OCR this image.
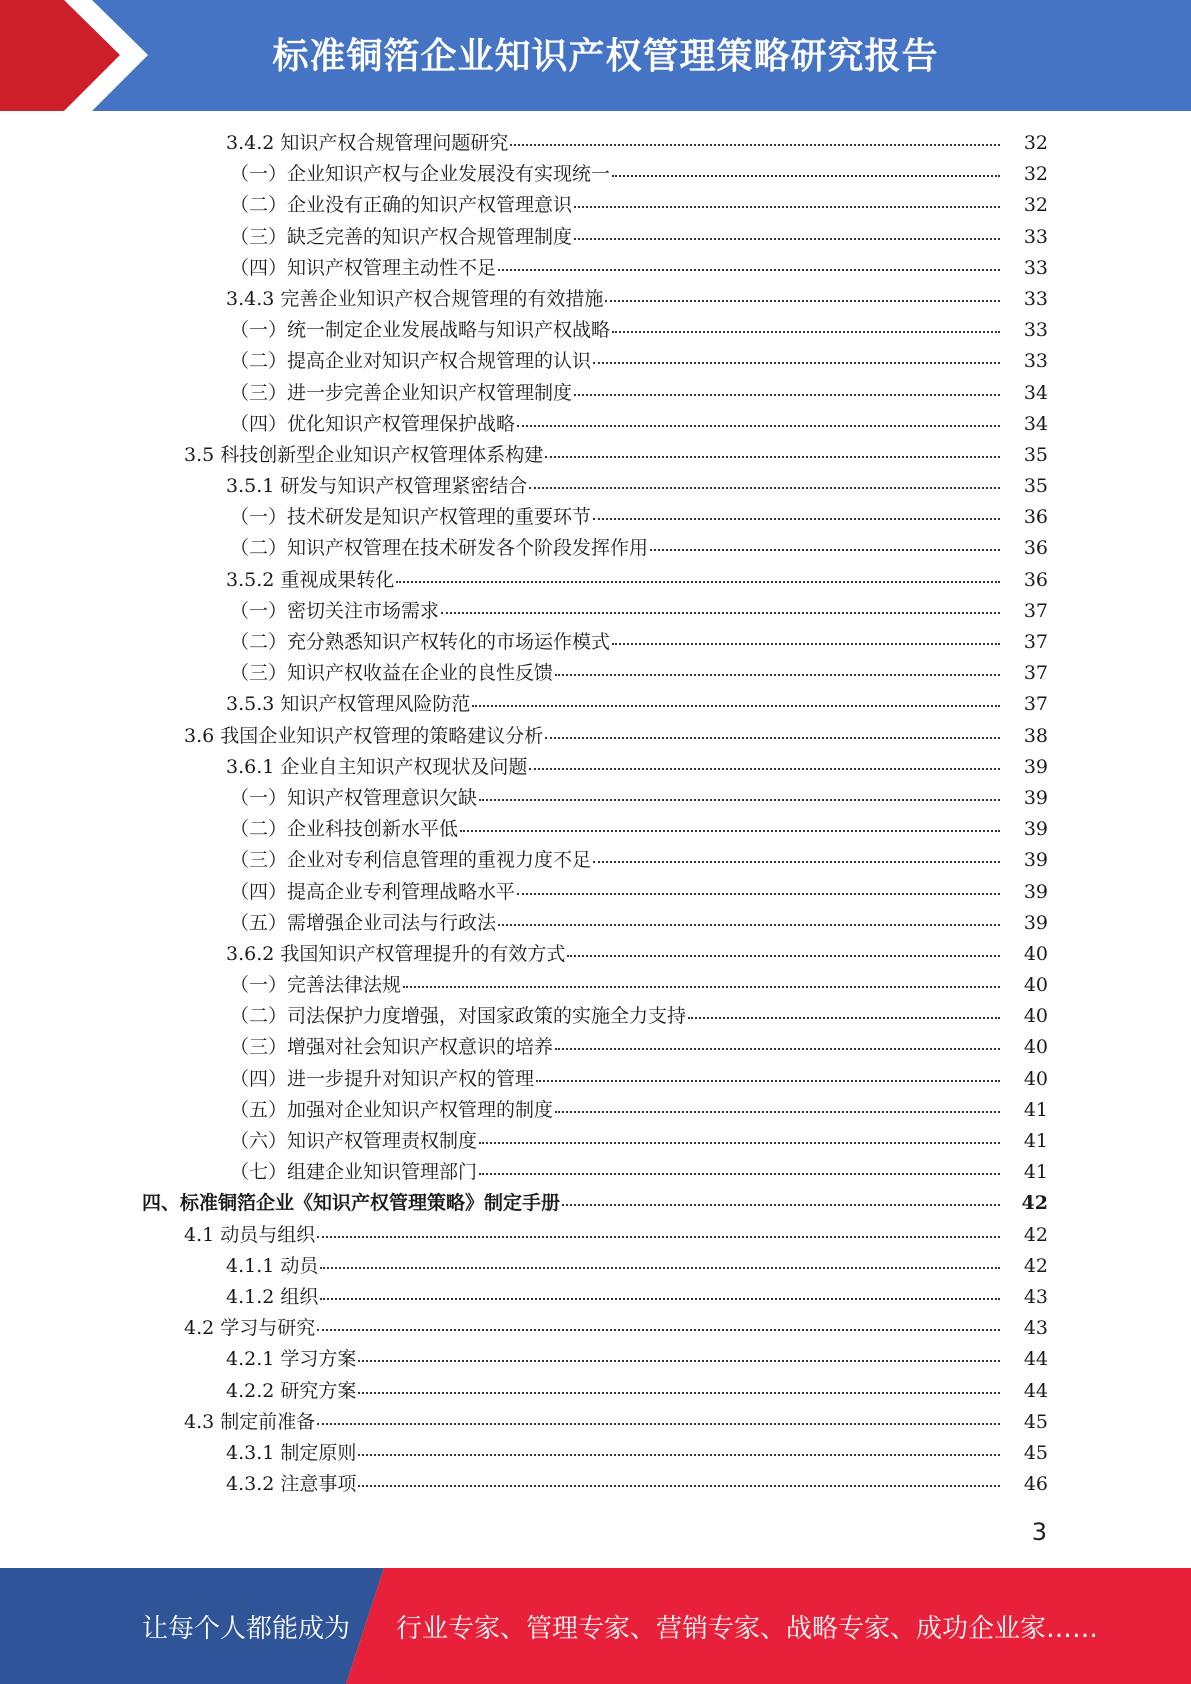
标准铜箔企业知识产权管理策略研究报告
3.4.2 知识产权合规管理问题研究	32
（一）企业知识产权与企业发展没有实现统一	32
（二）企业没有正确的知识产权管理意识	32
（三）缺乏完善的知识产权合规管理制度	33
（四）知识产权管理主动性不足	33
3.4.3 完善企业知识产权合规管理的有效措施	33
（一）统一制定企业发展战略与知识产权战略	33
（二）提高企业对知识产权合规管理的认识	33
（三）进一步完善企业知识产权管理制度	34
（四）优化知识产权管理保护战略	34
3.5 科技创新型企业知识产权管理体系构建	35
3.5.1 研发与知识产权管理紧密结合	35
（一）技术研发是知识产权管理的重要环节	36
（二）知识产权管理在技术研发各个阶段发挥作用	36
3.5.2 重视成果转化	36
（一）密切关注市场需求	37
（二）充分熟悉知识产权转化的市场运作模式	37
（三）知识产权收益在企业的良性反馈	37
3.5.3 知识产权管理风险防范	37
3.6 我国企业知识产权管理的策略建议分析	38
3.6.1 企业自主知识产权现状及问题	39
（一）知识产权管理意识欠缺	39
（二）企业科技创新水平低	39
（三）企业对专利信息管理的重视力度不足	39
（四）提高企业专利管理战略水平	39
（五）需增强企业司法与行政法	39
3.6.2 我国知识产权管理提升的有效方式	40
（一）完善法律法规	40
（二）司法保护力度增强，对国家政策的实施全力支持	40
（三）增强对社会知识产权意识的培养	40
（四）进一步提升对知识产权的管理	40
（五）加强对企业知识产权管理的制度	41
（六）知识产权管理责权制度	41
（七）组建企业知识管理部门	41
四、标准铜箔企业《知识产权管理策略》制定手册	42
4.1 动员与组织	42
4.1.1 动员	42
4.1.2 组织	43
4.2 学习与研究	43
4.2.1 学习方案	44
4.2.2 研究方案	44
4.3 制定前准备	45
4.3.1 制定原则	45
4.3.2 注意事项	46
3
让每个人都能成为 行业专家、管理专家、营销专家、战略专家、成功企业家……
